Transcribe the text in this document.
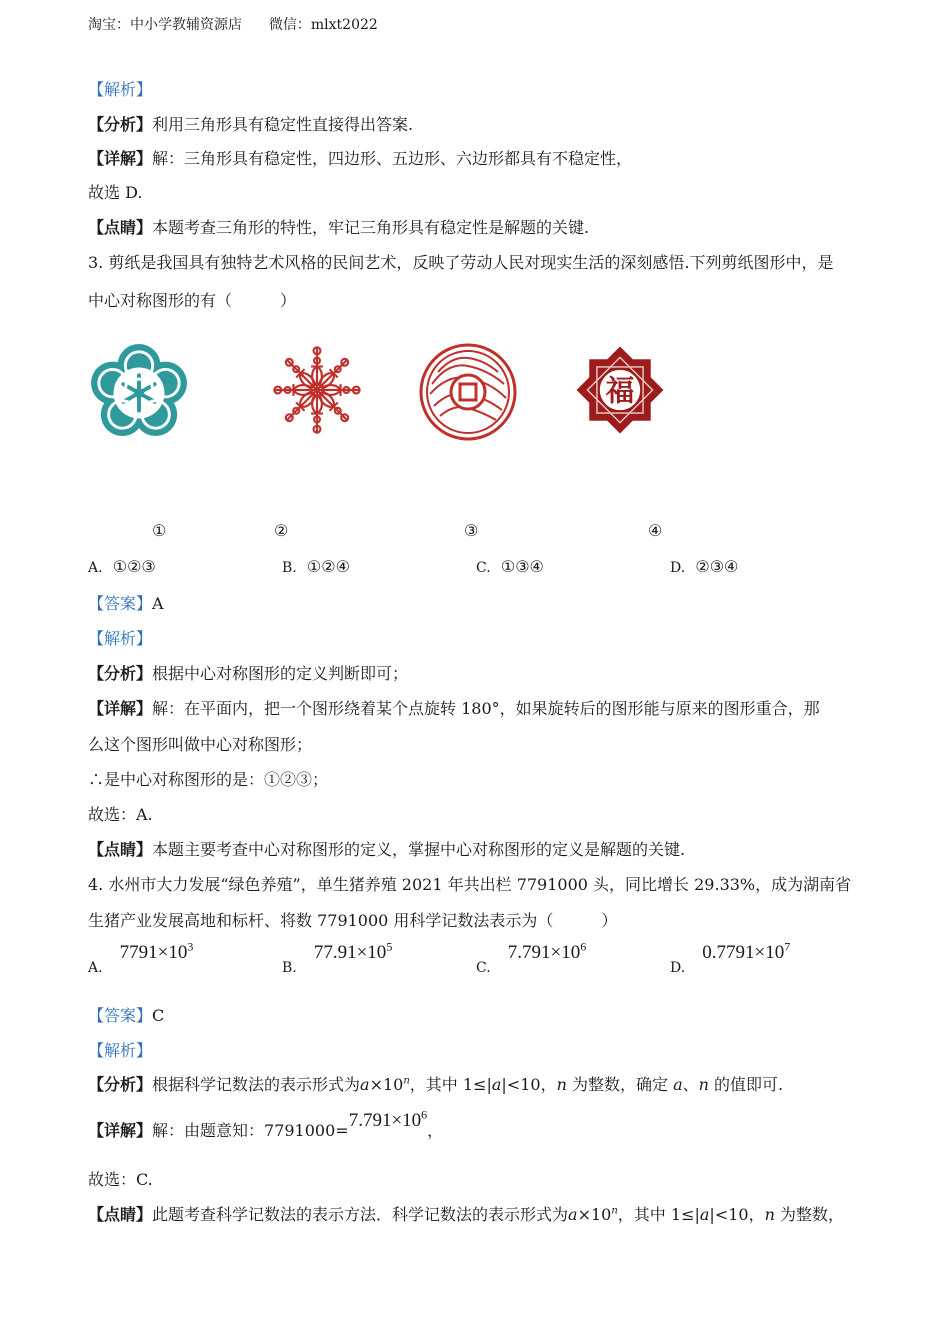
淘宝：中小学教辅资源店 微信：mlxt2022
【解析】
【分析】利用三角形具有稳定性直接得出答案.
【详解】解：三角形具有稳定性，四边形、五边形、六边形都具有不稳定性，
故选 D.
【点睛】本题考查三角形的特性，牢记三角形具有稳定性是解题的关键.
3. 剪纸是我国具有独特艺术风格的民间艺术，反映了劳动人民对现实生活的深刻感悟.下列剪纸图形中，是
中心对称图形的有（　　　）
福
①	②	③	④
A. ①②③	B. ①②④	C. ①③④	D. ②③④
【答案】A
【解析】
【分析】根据中心对称图形的定义判断即可；
【详解】解：在平面内，把一个图形绕着某个点旋转 180°，如果旋转后的图形能与原来的图形重合，那
么这个图形叫做中心对称图形；
∴是中心对称图形的是：①②③；
故选：A.
【点睛】本题主要考查中心对称图形的定义，掌握中心对称图形的定义是解题的关键.
4. 水州市大力发展“绿色养殖”，单生猪养殖 2021 年共出栏 7791000 头，同比增长 29.33%，成为湖南省
生猪产业发展高地和标杆、将数 7791000 用科学记数法表示为（　　　）
A. $7791\times 10^3$
B. $77.91\times 10^5$
C. $7.791\times 10^6$
D. $0.7791\times 10^7$
【答案】C
【解析】
【分析】根据科学记数法的表示形式为$a\times 10^n$，其中 1≤|a|<10，n 为整数，确定 a、n 的值即可.
【详解】解：由题意知：$7791000=7.791\times 10^6$，
故选：C.
【点睛】此题考查科学记数法的表示方法．科学记数法的表示形式为$a\times 10^n$，其中 1≤|a|<10，n 为整数，
